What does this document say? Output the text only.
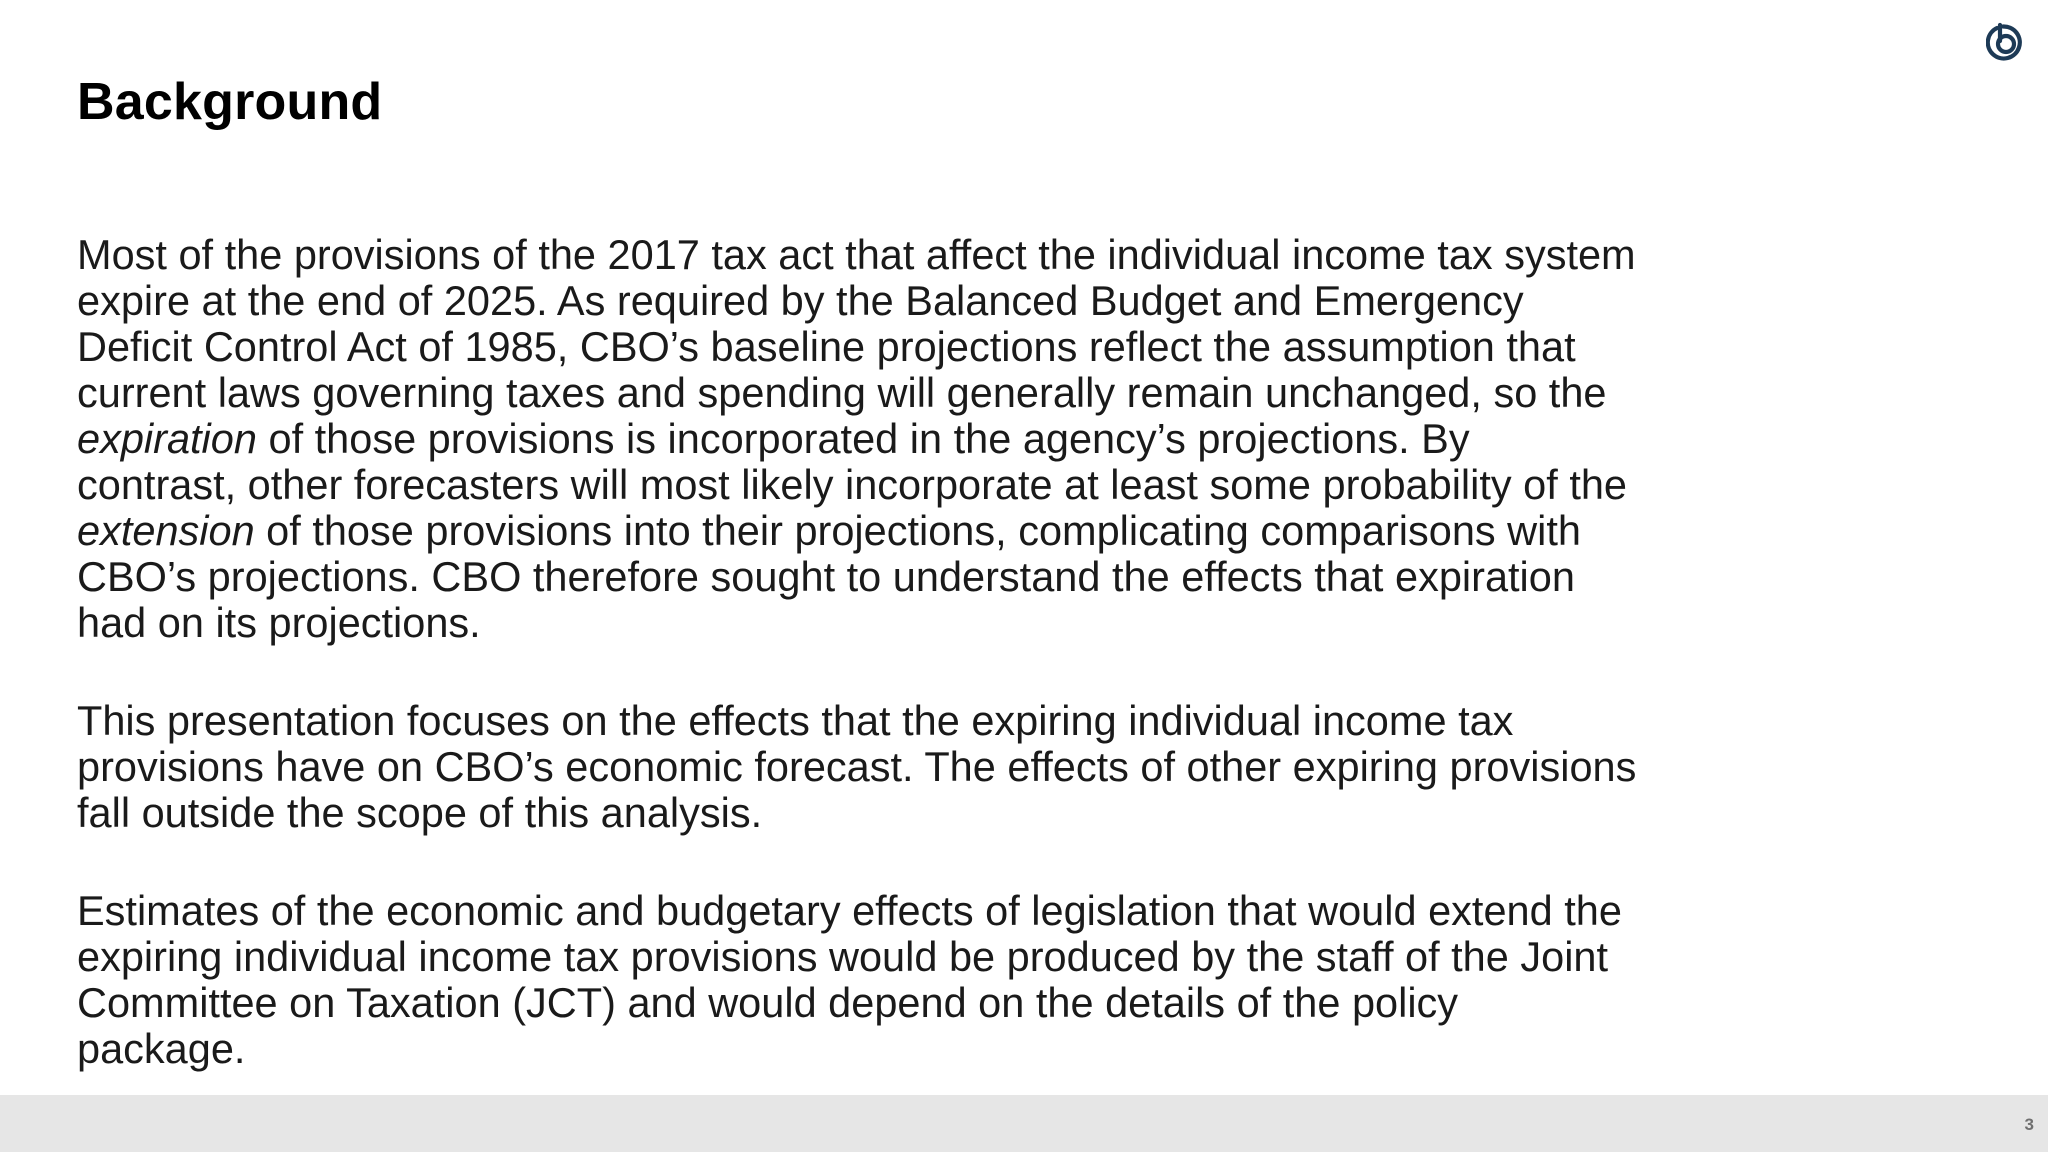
Background

Most of the provisions of the 2017 tax act that affect the individual income tax system expire at the end of 2025. As required by the Balanced Budget and Emergency Deficit Control Act of 1985, CBO’s baseline projections reflect the assumption that current laws governing taxes and spending will generally remain unchanged, so the expiration of those provisions is incorporated in the agency’s projections. By contrast, other forecasters will most likely incorporate at least some probability of the extension of those provisions into their projections, complicating comparisons with CBO’s projections. CBO therefore sought to understand the effects that expiration had on its projections.

This presentation focuses on the effects that the expiring individual income tax provisions have on CBO’s economic forecast. The effects of other expiring provisions fall outside the scope of this analysis.

Estimates of the economic and budgetary effects of legislation that would extend the expiring individual income tax provisions would be produced by the staff of the Joint Committee on Taxation (JCT) and would depend on the details of the policy package.

3
